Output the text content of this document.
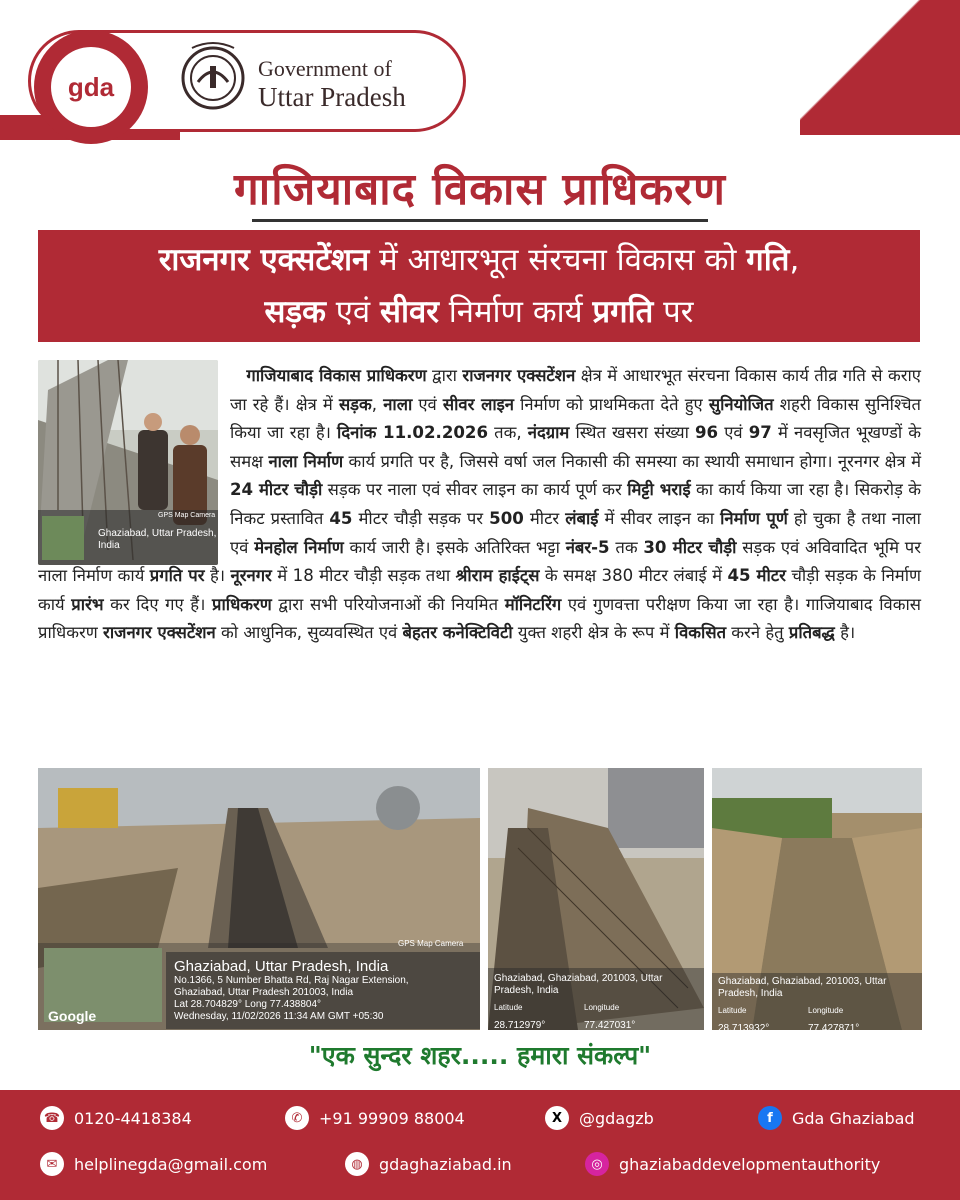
gda
Government of
Uttar Pradesh
गाजियाबाद विकास प्राधिकरण
राजनगर एक्सटेंशन में आधारभूत संरचना विकास को गति,
सड़क एवं सीवर निर्माण कार्य प्रगति पर
Ghaziabad, Uttar Pradesh, India
GPS Map Camera
गाजियाबाद विकास प्राधिकरण द्वारा राजनगर एक्सटेंशन क्षेत्र में आधारभूत संरचना विकास कार्य तीव्र गति से कराए जा रहे हैं। क्षेत्र में सड़क, नाला एवं सीवर लाइन निर्माण को प्राथमिकता देते हुए सुनियोजित शहरी विकास सुनिश्चित किया जा रहा है। दिनांक 11.02.2026 तक, नंदग्राम स्थित खसरा संख्या 96 एवं 97 में नवसृजित भूखण्डों के समक्ष नाला निर्माण कार्य प्रगति पर है, जिससे वर्षा जल निकासी की समस्या का स्थायी समाधान होगा। नूरनगर क्षेत्र में 24 मीटर चौड़ी सड़क पर नाला एवं सीवर लाइन का कार्य पूर्ण कर मिट्टी भराई का कार्य किया जा रहा है। सिकरोड़ के निकट प्रस्तावित 45 मीटर चौड़ी सड़क पर 500 मीटर लंबाई में सीवर लाइन का निर्माण पूर्ण हो चुका है तथा नाला एवं मेनहोल निर्माण कार्य जारी है। इसके अतिरिक्त भट्टा नंबर-5 तक 30 मीटर चौड़ी सड़क एवं अविवादित भूमि पर नाला निर्माण कार्य प्रगति पर है। नूरनगर में 18 मीटर चौड़ी सड़क तथा श्रीराम हाईट्स के समक्ष 380 मीटर लंबाई में 45 मीटर चौड़ी सड़क के निर्माण कार्य प्रारंभ कर दिए गए हैं। प्राधिकरण द्वारा सभी परियोजनाओं की नियमित मॉनिटरिंग एवं गुणवत्ता परीक्षण किया जा रहा है। गाजियाबाद विकास प्राधिकरण राजनगर एक्सटेंशन को आधुनिक, सुव्यवस्थित एवं बेहतर कनेक्टिविटी युक्त शहरी क्षेत्र के रूप में विकसित करने हेतु प्रतिबद्ध है।
GPS Map Camera
Ghaziabad, Uttar Pradesh, India
No.1366, 5 Number Bhatta Rd, Raj Nagar Extension,
Ghaziabad, Uttar Pradesh 201003, India
Lat 28.704829° Long 77.438804°
Wednesday, 11/02/2026 11:34 AM GMT +05:30
Google
Ghaziabad, Ghaziabad, 201003, Uttar Pradesh, India
Latitude	Longitude 28.712979°	77.427031°
Ghaziabad, Ghaziabad, 201003, Uttar Pradesh, India
Latitude	Longitude 28.713932°	77.427871°
"एक सुन्दर शहर..... हमारा संकल्प"
☎ 0120-4418384	✆	+91 99909 88004	X	@gdagzb	f	Gda Ghaziabad
✉	helplinegda@gmail.com	◍	gdaghaziabad.in	◎	ghaziabaddevelopmentauthority
